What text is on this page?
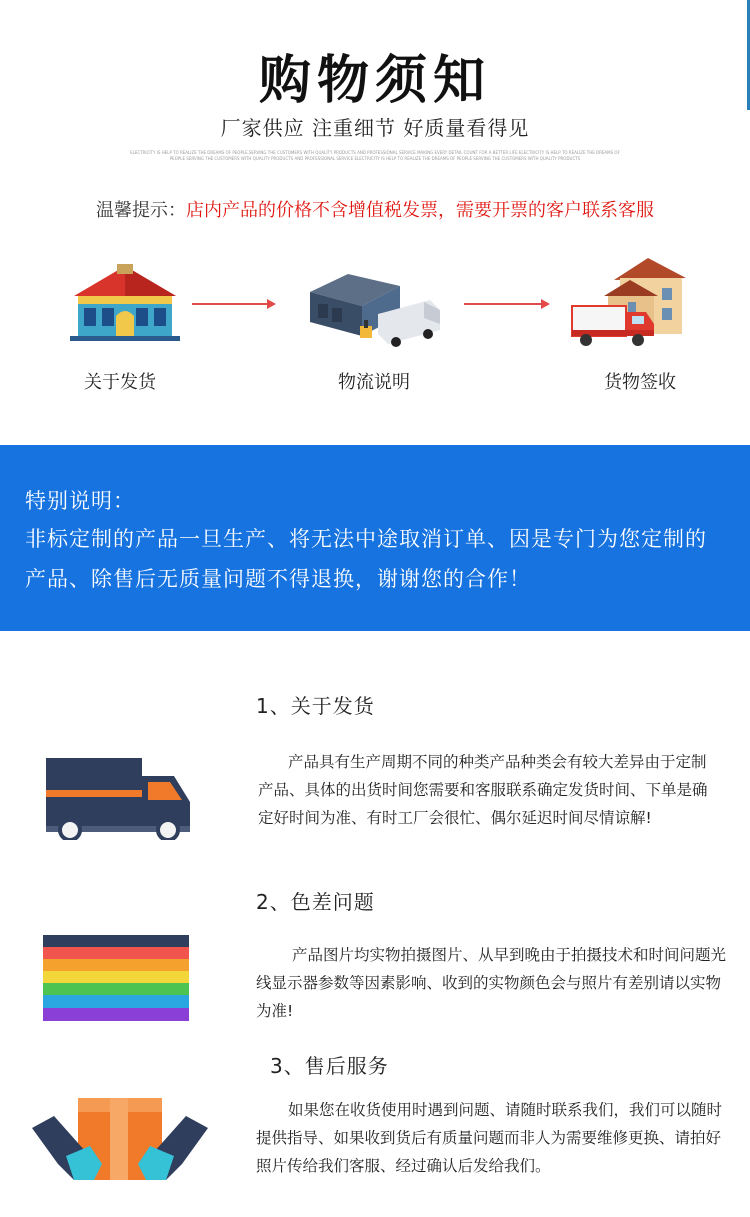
购物须知
厂家供应 注重细节 好质量看得见
ELECTRICITY IS HELP TO REALIZE THE DREAMS OF PEOPLE SERVING THE CUSTOMERS WITH QUALITY PRODUCTS AND PROFESSIONAL SERVICE MAKING EVERY DETAIL COUNT FOR A BETTER LIFE ELECTRICITY IS HELP TO REALIZE THE DREAMS OF PEOPLE SERVING THE CUSTOMERS WITH QUALITY PRODUCTS AND PROFESSIONAL SERVICE ELECTRICITY IS HELP TO REALIZE THE DREAMS OF PEOPLE SERVING THE CUSTOMERS WITH QUALITY PRODUCTS
温馨提示：店内产品的价格不含增值税发票，需要开票的客户联系客服
关于发货	物流说明	货物签收
特别说明：
非标定制的产品一旦生产、将无法中途取消订单、因是专门为您定制的产品、除售后无质量问题不得退换，谢谢您的合作！
1、关于发货
产品具有生产周期不同的种类产品种类会有较大差异由于定制产品、具体的出货时间您需要和客服联系确定发货时间、下单是确定好时间为准、有时工厂会很忙、偶尔延迟时间尽情谅解!
2、色差问题
产品图片均实物拍摄图片、从早到晚由于拍摄技术和时间问题光线显示器参数等因素影响、收到的实物颜色会与照片有差别请以实物为准!
3、售后服务
如果您在收货使用时遇到问题、请随时联系我们，我们可以随时提供指导、如果收到货后有质量问题而非人为需要维修更换、请拍好照片传给我们客服、经过确认后发给我们。
